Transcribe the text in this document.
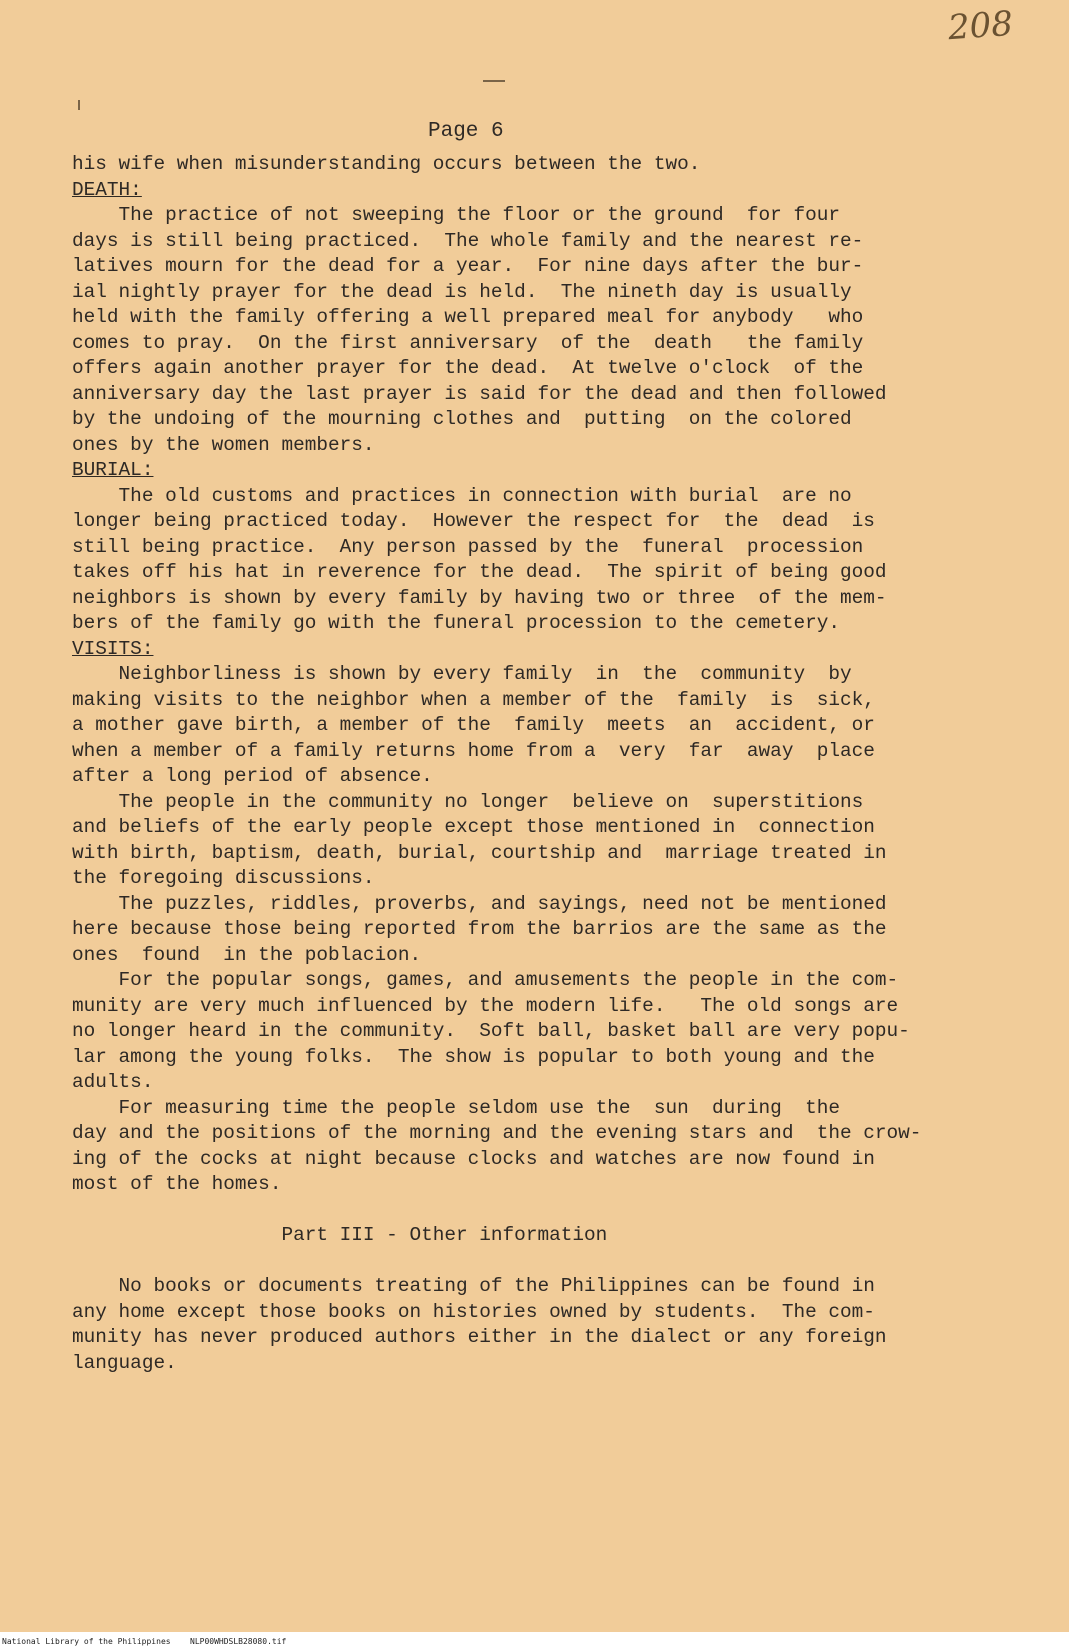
208
Page 6
his wife when misunderstanding occurs between the two.
DEATH:
The practice of not sweeping the floor or the ground  for four
days is still being practiced.  The whole family and the nearest re-
latives mourn for the dead for a year.  For nine days after the bur-
ial nightly prayer for the dead is held.  The nineth day is usually
held with the family offering a well prepared meal for anybody   who
comes to pray.  On the first anniversary  of the  death   the family
offers again another prayer for the dead.  At twelve o'clock  of the
anniversary day the last prayer is said for the dead and then followed
by the undoing of the mourning clothes and  putting  on the colored
ones by the women members.
BURIAL:
The old customs and practices in connection with burial  are no
longer being practiced today.  However the respect for  the  dead  is
still being practice.  Any person passed by the  funeral  procession
takes off his hat in reverence for the dead.  The spirit of being good
neighbors is shown by every family by having two or three  of the mem-
bers of the family go with the funeral procession to the cemetery.
VISITS:
Neighborliness is shown by every family  in  the  community  by
making visits to the neighbor when a member of the  family  is  sick,
a mother gave birth, a member of the  family  meets  an  accident, or
when a member of a family returns home from a  very  far  away  place
after a long period of absence.
The people in the community no longer  believe on  superstitions
and beliefs of the early people except those mentioned in  connection
with birth, baptism, death, burial, courtship and  marriage treated in
the foregoing discussions.
The puzzles, riddles, proverbs, and sayings, need not be mentioned
here because those being reported from the barrios are the same as the
ones  found  in the poblacion.
For the popular songs, games, and amusements the people in the com-
munity are very much influenced by the modern life.   The old songs are
no longer heard in the community.  Soft ball, basket ball are very popu-
lar among the young folks.  The show is popular to both young and the
adults.
For measuring time the people seldom use the  sun  during  the
day and the positions of the morning and the evening stars and  the crow-
ing of the cocks at night because clocks and watches are now found in
most of the homes.
Part III - Other information
No books or documents treating of the Philippines can be found in
any home except those books on histories owned by students.  The com-
munity has never produced authors either in the dialect or any foreign
language.
National Library of the Philippines NLP00WHDSLB28080.tif
